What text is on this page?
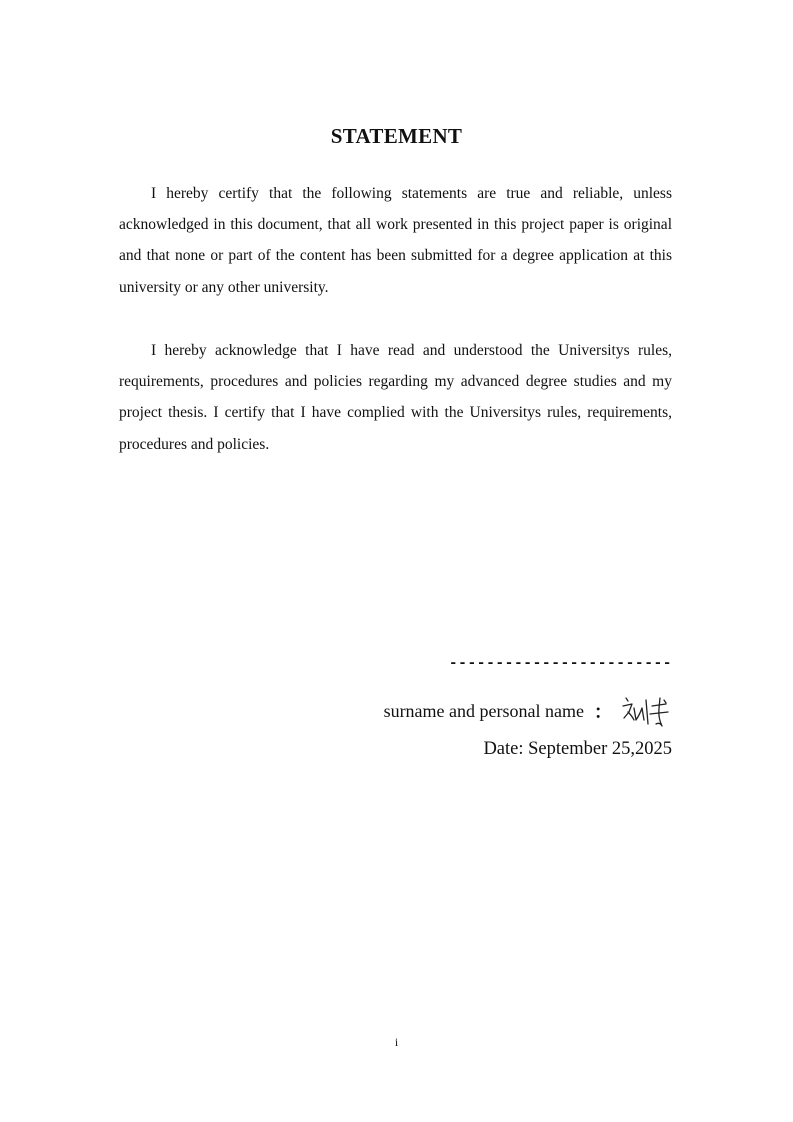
STATEMENT

I hereby certify that the following statements are true and reliable, unless acknowledged in this document, that all work presented in this project paper is original and that none or part of the content has been submitted for a degree application at this university or any other university.

I hereby acknowledge that I have read and understood the Universitys rules, requirements, procedures and policies regarding my advanced degree studies and my project thesis. I certify that I have complied with the Universitys rules, requirements, procedures and policies.

------------------------
surname and personal name ：
Date: September 25,2025
i
